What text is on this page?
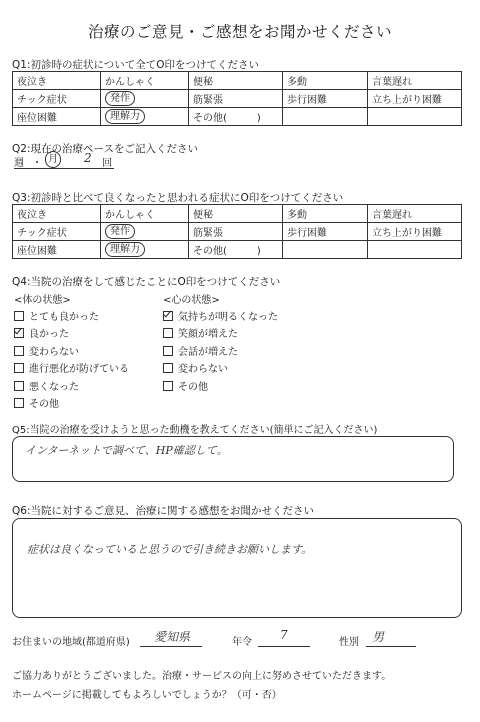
治療のご意見・ご感想をお聞かせください
Q1:初診時の症状について全てO印をつけてください
夜泣き	かんしゃく	便秘	多動	言葉遅れ
チック症状	発作	筋緊張	歩行困難	立ち上がり困難
座位困難	理解力	その他(　　　)		
Q2:現在の治療ペースをご記入ください
週 ・ 月 2 回
Q3:初診時と比べて良くなったと思われる症状にO印をつけてください
夜泣き	かんしゃく	便秘	多動	言葉遅れ
チック症状	発作	筋緊張	歩行困難	立ち上がり困難
座位困難	理解力	その他(　　　)		
Q4:当院の治療をして感じたことにO印をつけてください
<体の状態>	<心の状態>
とても良かった
良かった
変わらない
進行悪化が防げている
悪くなった
その他
気持ちが明るくなった
笑顔が増えた
会話が増えた
変わらない
その他
Q5:当院の治療を受けようと思った動機を教えてください(簡単にご記入ください)
インターネットで調べて、HP確認して。
Q6:当院に対するご意見、治療に関する感想をお聞かせください
症状は良くなっていると思うので引き続きお願いします。
お住まいの地域(都道府県) 愛知県	年令
7
性別 男
ご協力ありがとうございました。治療・サービスの向上に努めさせていただきます。
ホームページに掲載してもよろしいでしょうか？（可・否）
